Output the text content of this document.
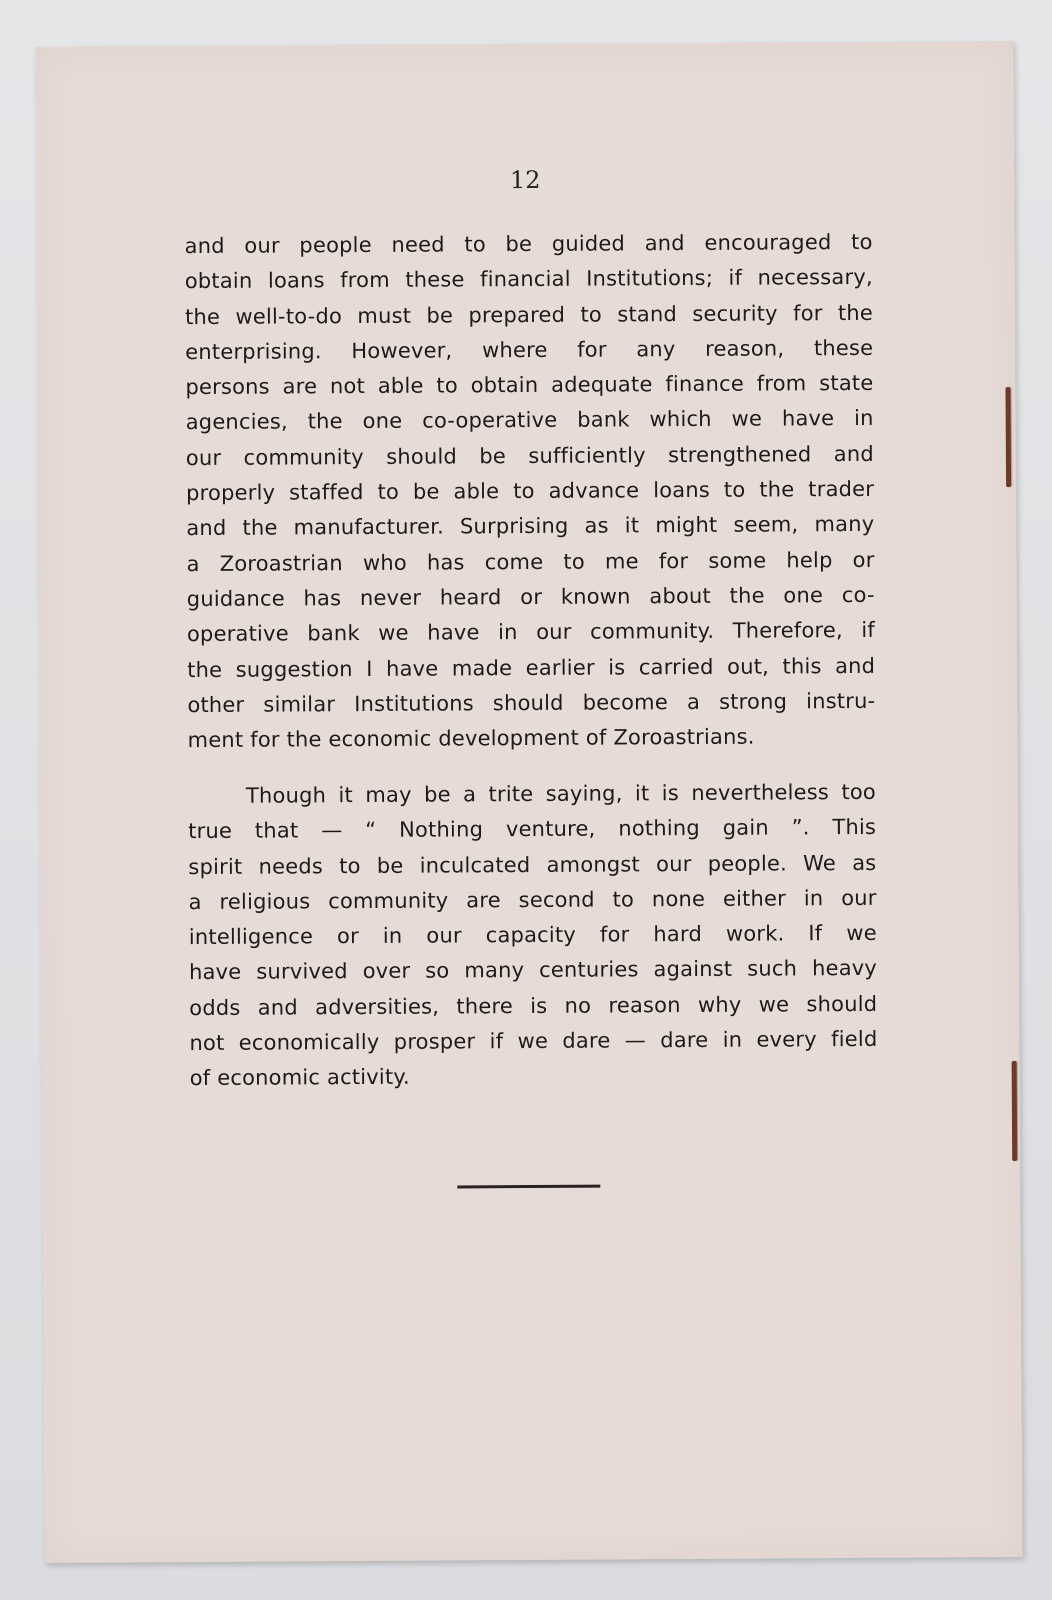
12

and our people need to be guided and encouraged to
obtain loans from these financial Institutions; if necessary,
the well-to-do must be prepared to stand security for the
enterprising. However, where for any reason, these
persons are not able to obtain adequate finance from state
agencies, the one co-operative bank which we have in
our community should be sufficiently strengthened and
properly staffed to be able to advance loans to the trader
and the manufacturer. Surprising as it might seem, many
a Zoroastrian who has come to me for some help or
guidance has never heard or known about the one co-
operative bank we have in our community. Therefore, if
the suggestion I have made earlier is carried out, this and
other similar Institutions should become a strong instru-
ment for the economic development of Zoroastrians.

Though it may be a trite saying, it is nevertheless too
true that — “ Nothing venture, nothing gain ”. This
spirit needs to be inculcated amongst our people. We as
a religious community are second to none either in our
intelligence or in our capacity for hard work. If we
have survived over so many centuries against such heavy
odds and adversities, there is no reason why we should
not economically prosper if we dare — dare in every field
of economic activity.
